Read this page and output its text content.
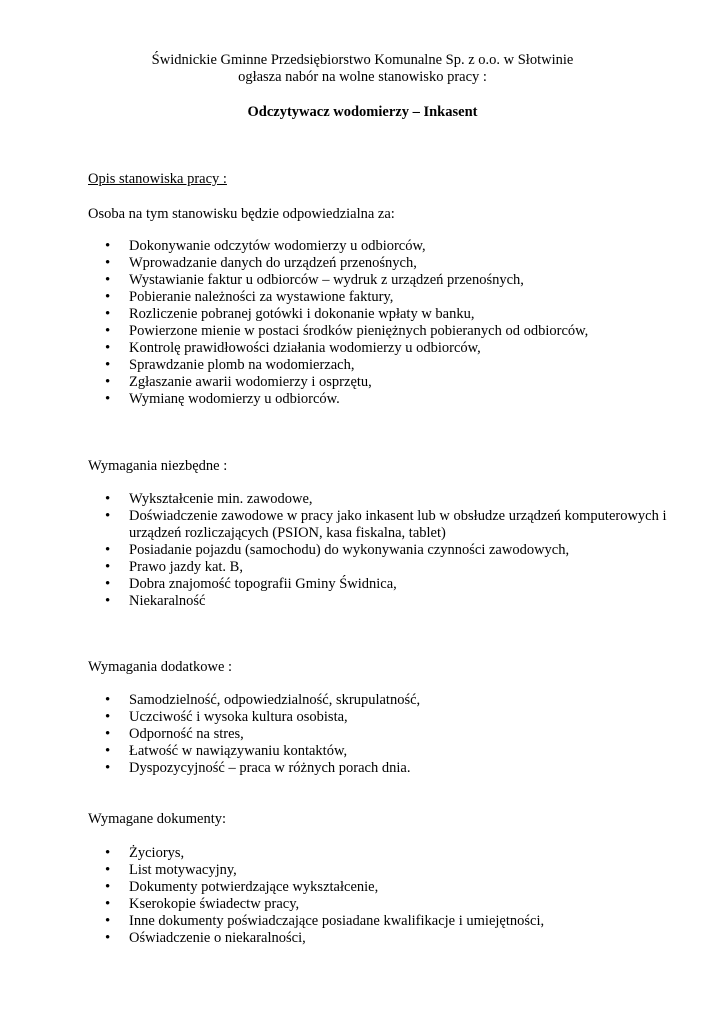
Świdnickie Gminne Przedsiębiorstwo Komunalne Sp. z o.o. w Słotwinie
ogłasza nabór na wolne stanowisko pracy :
Odczytywacz wodomierzy – Inkasent
Opis stanowiska pracy :
Osoba na tym stanowisku będzie odpowiedzialna za:
• Dokonywanie odczytów wodomierzy u odbiorców,
• Wprowadzanie danych do urządzeń przenośnych,
• Wystawianie faktur u odbiorców – wydruk z urządzeń przenośnych,
• Pobieranie należności za wystawione faktury,
• Rozliczenie pobranej gotówki i dokonanie wpłaty w banku,
• Powierzone mienie w postaci środków pieniężnych pobieranych od odbiorców,
• Kontrolę prawidłowości działania wodomierzy u odbiorców,
• Sprawdzanie plomb na wodomierzach,
• Zgłaszanie awarii wodomierzy i osprzętu,
• Wymianę wodomierzy u odbiorców.
Wymagania niezbędne :
• Wykształcenie min. zawodowe,
• Doświadczenie zawodowe w pracy jako inkasent lub w obsłudze urządzeń komputerowych i urządzeń rozliczających (PSION, kasa fiskalna, tablet)
• Posiadanie pojazdu (samochodu) do wykonywania czynności zawodowych,
• Prawo jazdy kat. B,
• Dobra znajomość topografii Gminy Świdnica,
• Niekaralność
Wymagania dodatkowe :
• Samodzielność, odpowiedzialność, skrupulatność,
• Uczciwość i wysoka kultura osobista,
• Odporność na stres,
• Łatwość w nawiązywaniu kontaktów,
• Dyspozycyjność – praca w różnych porach dnia.
Wymagane dokumenty:
• Życiorys,
• List motywacyjny,
• Dokumenty potwierdzające wykształcenie,
• Kserokopie świadectw pracy,
• Inne dokumenty poświadczające posiadane kwalifikacje i umiejętności,
• Oświadczenie o niekaralności,
